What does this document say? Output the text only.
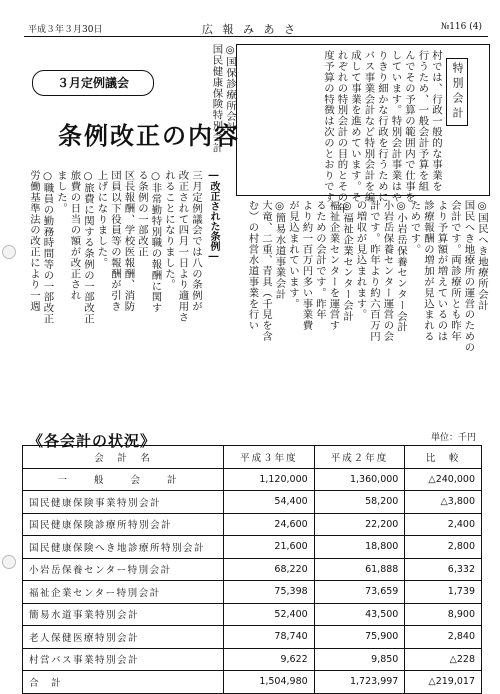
平成３年３月30日	広 報 み あ さ	№116 (4)
３月定例議会
条例改正の内容
特別会計
村では、行政一般的な事業を
行うため、一般会計予算を組
んでその予算の範囲内で仕事を
しています。特別会計事業はや
りきり細かな行政を行うために
バス事業会計など特別会計を編
成して事業を進めています。そ
れぞれの特別会計の目的とその年
度予算の特徴は次のとおりです。
◎国民へき地療所会計
国民へき地療所の運営のための
会計です。両診療所とも昨年
より予算額が増えているのは
診療報酬の増加が見込まれる
ためです。
◎小岩岳保養センター会計
小岩岳保養センター運営の会
計です。昨年より約六百万円
の増収が見込まれます。
◎福祉企業センター会計
福祉企業センターを運営す
るための会計です。昨年
より約一百万円多い事業費
が見込まれています。
◎簡易水道事業会計
大竜、二重、青具（千見を含
む）の村営水道事業を行い
三月定例議会では八の条例が
改正されて四月一日より適用さ
れることになりました。
○非常勤特別職の報酬に関す
る条例の一部改正
区長報酬、学校医報酬、消防
団員以下役員等の報酬が引き
上げになりました。
○旅費に関する条例の一部改正
旅費の日当の額が改正され
ました。
○職員の勤務時間等の一部改正
労働基準法の改正により一週	―改正された条例―
《各会計の状況》	単位：千円
会　計　名	平成３年度	平成２年度	比　較
一 般 会 計	1,120,000	1,360,000	△240,000
国民健康保険事業特別会計	54,400	58,200	△3,800
国民健康保険診療所特別会計	24,600	22,200	2,400
国民健康保険へき地診療所特別会計	21,600	18,800	2,800
小岩岳保養センター特別会計	68,220	61,888	6,332
福祉企業センター特別会計	75,398	73,659	1,739
簡易水道事業特別会計	52,400	43,500	8,900
老人保健医療特別会計	78,740	75,900	2,840
村営バス事業特別会計	9,622	9,850	△228
合　計	1,504,980	1,723,997	△219,017
◎国保診療所会計
国民健康保険特別会計
